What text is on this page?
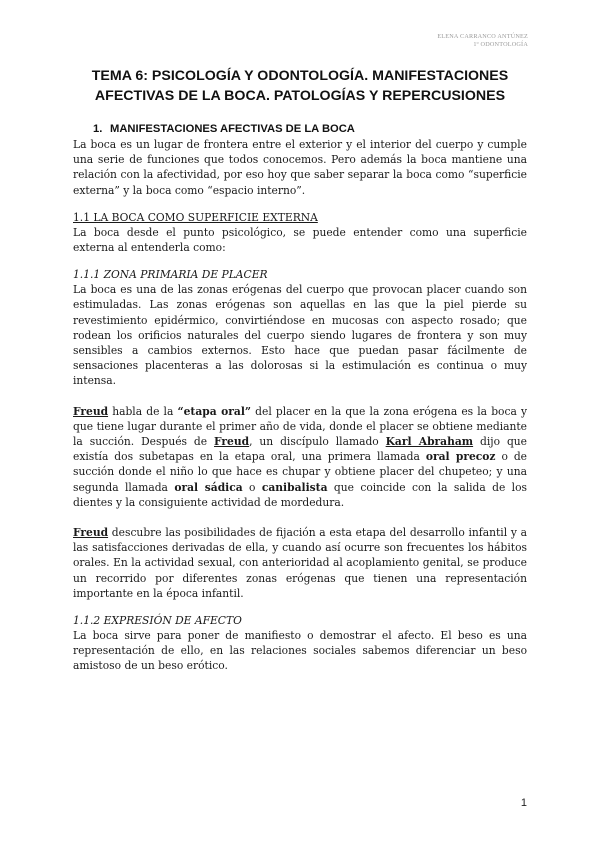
ELENA CARRANCO ANTÚNEZ
1º ODONTOLOGÍA
TEMA 6: PSICOLOGÍA Y ODONTOLOGÍA. MANIFESTACIONES
AFECTIVAS DE LA BOCA. PATOLOGÍAS Y REPERCUSIONES
1. MANIFESTACIONES AFECTIVAS DE LA BOCA

La boca es un lugar de frontera entre el exterior y el interior del cuerpo y cumple una serie de funciones que todos conocemos. Pero además la boca mantiene una relación con la afectividad, por eso hoy que saber separar la boca como “superficie externa” y la boca como “espacio interno”.

1.1 LA BOCA COMO SUPERFICIE EXTERNA

La boca desde el punto psicológico, se puede entender como una superficie externa al entenderla como:

1.1.1 ZONA PRIMARIA DE PLACER

La boca es una de las zonas erógenas del cuerpo que provocan placer cuando son estimuladas. Las zonas erógenas son aquellas en las que la piel pierde su revestimiento epidérmico, convirtiéndose en mucosas con aspecto rosado; que rodean los orificios naturales del cuerpo siendo lugares de frontera y son muy sensibles a cambios externos. Esto hace que puedan pasar fácilmente de sensaciones placenteras a las dolorosas si la estimulación es continua o muy intensa.

Freud habla de la “etapa oral” del placer en la que la zona erógena es la boca y que tiene lugar durante el primer año de vida, donde el placer se obtiene mediante la succión. Después de Freud, un discípulo llamado Karl Abraham dijo que existía dos subetapas en la etapa oral, una primera llamada oral precoz o de succión donde el niño lo que hace es chupar y obtiene placer del chupeteo; y una segunda llamada oral sádica o canibalista que coincide con la salida de los dientes y la consiguiente actividad de mordedura.

Freud descubre las posibilidades de fijación a esta etapa del desarrollo infantil y a las satisfacciones derivadas de ella, y cuando así ocurre son frecuentes los hábitos orales. En la actividad sexual, con anterioridad al acoplamiento genital, se produce un recorrido por diferentes zonas erógenas que tienen una representación importante en la época infantil.

1.1.2 EXPRESIÓN DE AFECTO

La boca sirve para poner de manifiesto o demostrar el afecto. El beso es una representación de ello, en las relaciones sociales sabemos diferenciar un beso amistoso de un beso erótico.

1
